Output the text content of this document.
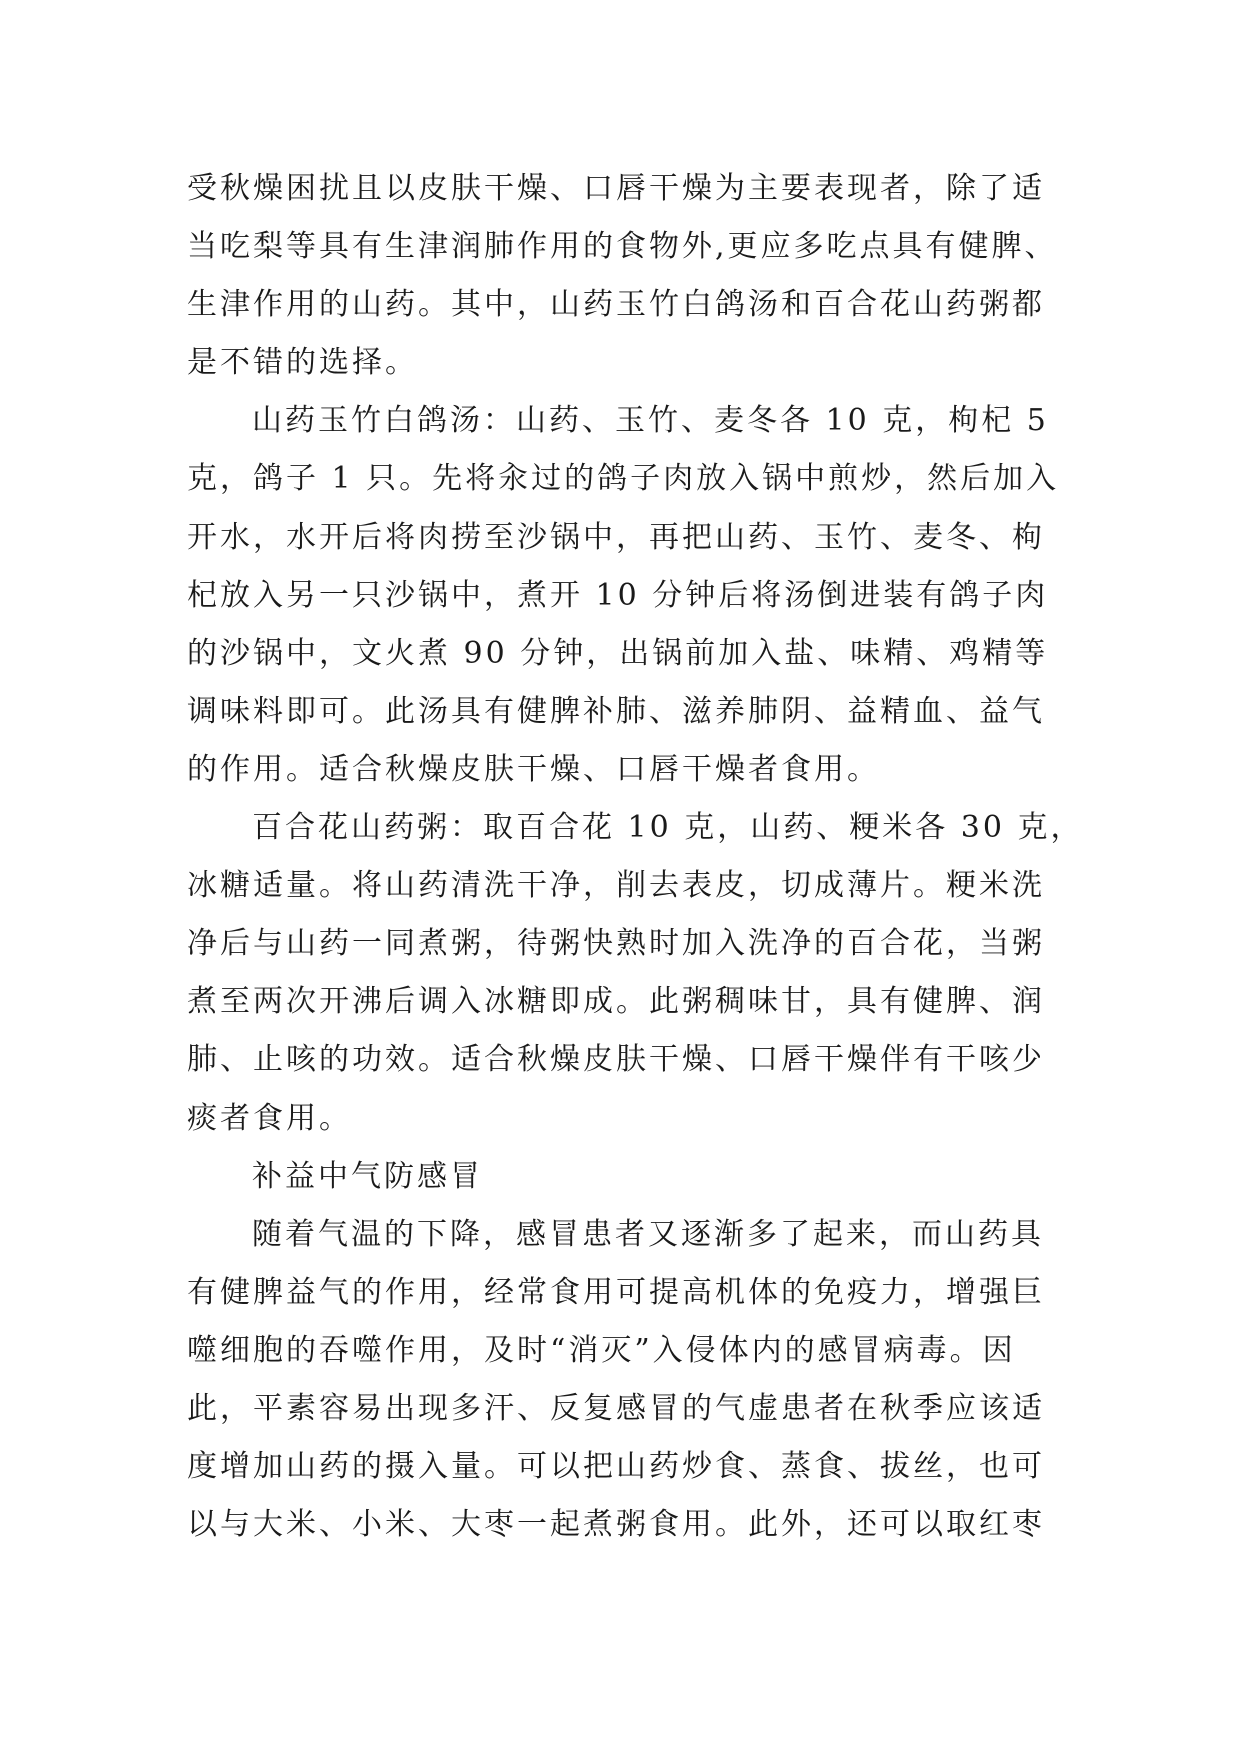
受秋燥困扰且以皮肤干燥、口唇干燥为主要表现者，除了适
当吃梨等具有生津润肺作用的食物外,更应多吃点具有健脾、
生津作用的山药。其中，山药玉竹白鸽汤和百合花山药粥都
是不错的选择。
山药玉竹白鸽汤：山药、玉竹、麦冬各 10 克，枸杞 5
克，鸽子 1 只。先将汆过的鸽子肉放入锅中煎炒，然后加入
开水，水开后将肉捞至沙锅中，再把山药、玉竹、麦冬、枸
杞放入另一只沙锅中，煮开 10 分钟后将汤倒进装有鸽子肉
的沙锅中，文火煮 90 分钟，出锅前加入盐、味精、鸡精等
调味料即可。此汤具有健脾补肺、滋养肺阴、益精血、益气
的作用。适合秋燥皮肤干燥、口唇干燥者食用。
百合花山药粥：取百合花 10 克，山药、粳米各 30 克，
冰糖适量。将山药清洗干净，削去表皮，切成薄片。粳米洗
净后与山药一同煮粥，待粥快熟时加入洗净的百合花，当粥
煮至两次开沸后调入冰糖即成。此粥稠味甘，具有健脾、润
肺、止咳的功效。适合秋燥皮肤干燥、口唇干燥伴有干咳少
痰者食用。
补益中气防感冒
随着气温的下降，感冒患者又逐渐多了起来，而山药具
有健脾益气的作用，经常食用可提高机体的免疫力，增强巨
噬细胞的吞噬作用，及时“消灭”入侵体内的感冒病毒。因
此，平素容易出现多汗、反复感冒的气虚患者在秋季应该适
度增加山药的摄入量。可以把山药炒食、蒸食、拔丝，也可
以与大米、小米、大枣一起煮粥食用。此外，还可以取红枣
